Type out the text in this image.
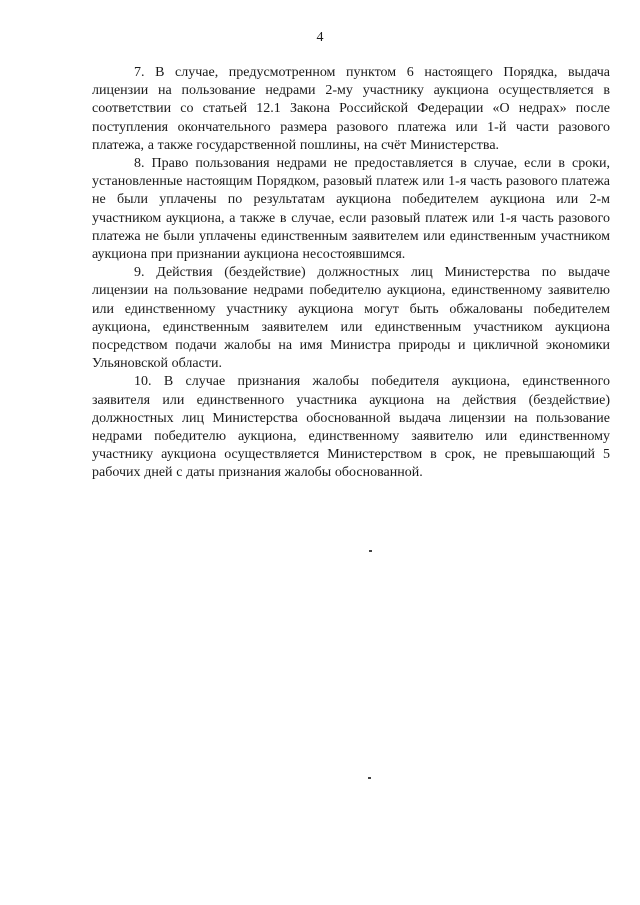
4

7. В случае, предусмотренном пунктом 6 настоящего Порядка, выдача лицензии на пользование недрами 2-му участнику аукциона осуществляется в соответствии со статьей 12.1 Закона Российской Федерации «О недрах» после поступления окончательного размера разового платежа или 1-й части разового платежа, а также государственной пошлины, на счёт Министерства.

8. Право пользования недрами не предоставляется в случае, если в сроки, установленные настоящим Порядком, разовый платеж или 1-я часть разового платежа не были уплачены по результатам аукциона победителем аукциона или 2-м участником аукциона, а также в случае, если разовый платеж или 1-я часть разового платежа не были уплачены единственным заявителем или единственным участником аукциона при признании аукциона несостоявшимся.

9. Действия (бездействие) должностных лиц Министерства по выдаче лицензии на пользование недрами победителю аукциона, единственному заявителю или единственному участнику аукциона могут быть обжалованы победителем аукциона, единственным заявителем или единственным участником аукциона посредством подачи жалобы на имя Министра природы и цикличной экономики Ульяновской области.

10. В случае признания жалобы победителя аукциона, единственного заявителя или единственного участника аукциона на действия (бездействие) должностных лиц Министерства обоснованной выдача лицензии на пользование недрами победителю аукциона, единственному заявителю или единственному участнику аукциона осуществляется Министерством в срок, не превышающий 5 рабочих дней с даты признания жалобы обоснованной.
